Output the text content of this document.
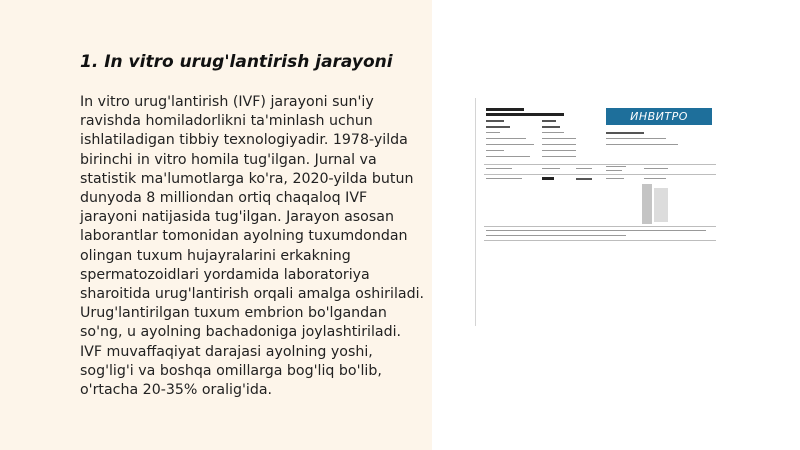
1. In vitro urug'lantirish jarayoni

In vitro urug'lantirish (IVF) jarayoni sun'iy ravishda homiladorlikni ta'minlash uchun ishlatiladigan tibbiy texnologiyadir. 1978-yilda birinchi in vitro homila tug'ilgan. Jurnal va statistik ma'lumotlarga ko'ra, 2020-yilda butun dunyoda 8 milliondan ortiq chaqaloq IVF jarayoni natijasida tug'ilgan. Jarayon asosan laborantlar tomonidan ayolning tuxumdondan olingan tuxum hujayralarini erkakning spermatozoidlari yordamida laboratoriya sharoitida urug'lantirish orqali amalga oshiriladi. Urug'lantirilgan tuxum embrion bo'lgandan so'ng, u ayolning bachadoniga joylashtiriladi. IVF muvaffaqiyat darajasi ayolning yoshi, sog'lig'i va boshqa omillarga bog'liq bo'lib, o'rtacha 20-35% oralig'ida.

ИНВИТРО
